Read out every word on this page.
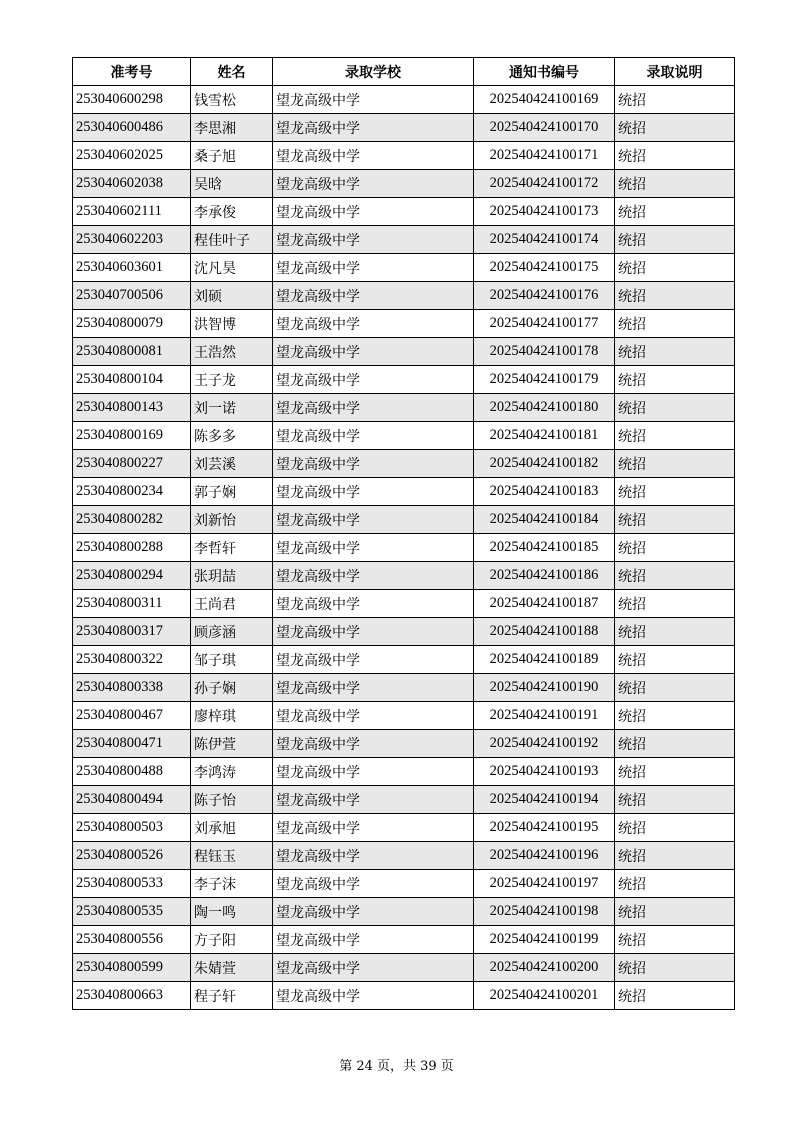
准考号	姓名	录取学校	通知书编号	录取说明
253040600298	钱雪松	望龙高级中学	202540424100169	统招
253040600486	李思湘	望龙高级中学	202540424100170	统招
253040602025	桑子旭	望龙高级中学	202540424100171	统招
253040602038	吴晗	望龙高级中学	202540424100172	统招
253040602111	李承俊	望龙高级中学	202540424100173	统招
253040602203	程佳叶子	望龙高级中学	202540424100174	统招
253040603601	沈凡昊	望龙高级中学	202540424100175	统招
253040700506	刘硕	望龙高级中学	202540424100176	统招
253040800079	洪智博	望龙高级中学	202540424100177	统招
253040800081	王浩然	望龙高级中学	202540424100178	统招
253040800104	王子龙	望龙高级中学	202540424100179	统招
253040800143	刘一诺	望龙高级中学	202540424100180	统招
253040800169	陈多多	望龙高级中学	202540424100181	统招
253040800227	刘芸溪	望龙高级中学	202540424100182	统招
253040800234	郭子娴	望龙高级中学	202540424100183	统招
253040800282	刘新怡	望龙高级中学	202540424100184	统招
253040800288	李哲轩	望龙高级中学	202540424100185	统招
253040800294	张玥喆	望龙高级中学	202540424100186	统招
253040800311	王尚君	望龙高级中学	202540424100187	统招
253040800317	顾彦涵	望龙高级中学	202540424100188	统招
253040800322	邹子琪	望龙高级中学	202540424100189	统招
253040800338	孙子娴	望龙高级中学	202540424100190	统招
253040800467	廖梓琪	望龙高级中学	202540424100191	统招
253040800471	陈伊萱	望龙高级中学	202540424100192	统招
253040800488	李鸿涛	望龙高级中学	202540424100193	统招
253040800494	陈子怡	望龙高级中学	202540424100194	统招
253040800503	刘承旭	望龙高级中学	202540424100195	统招
253040800526	程钰玉	望龙高级中学	202540424100196	统招
253040800533	李子沫	望龙高级中学	202540424100197	统招
253040800535	陶一鸣	望龙高级中学	202540424100198	统招
253040800556	方子阳	望龙高级中学	202540424100199	统招
253040800599	朱婧萱	望龙高级中学	202540424100200	统招
253040800663	程子轩	望龙高级中学	202540424100201	统招
第 24 页，共 39 页
